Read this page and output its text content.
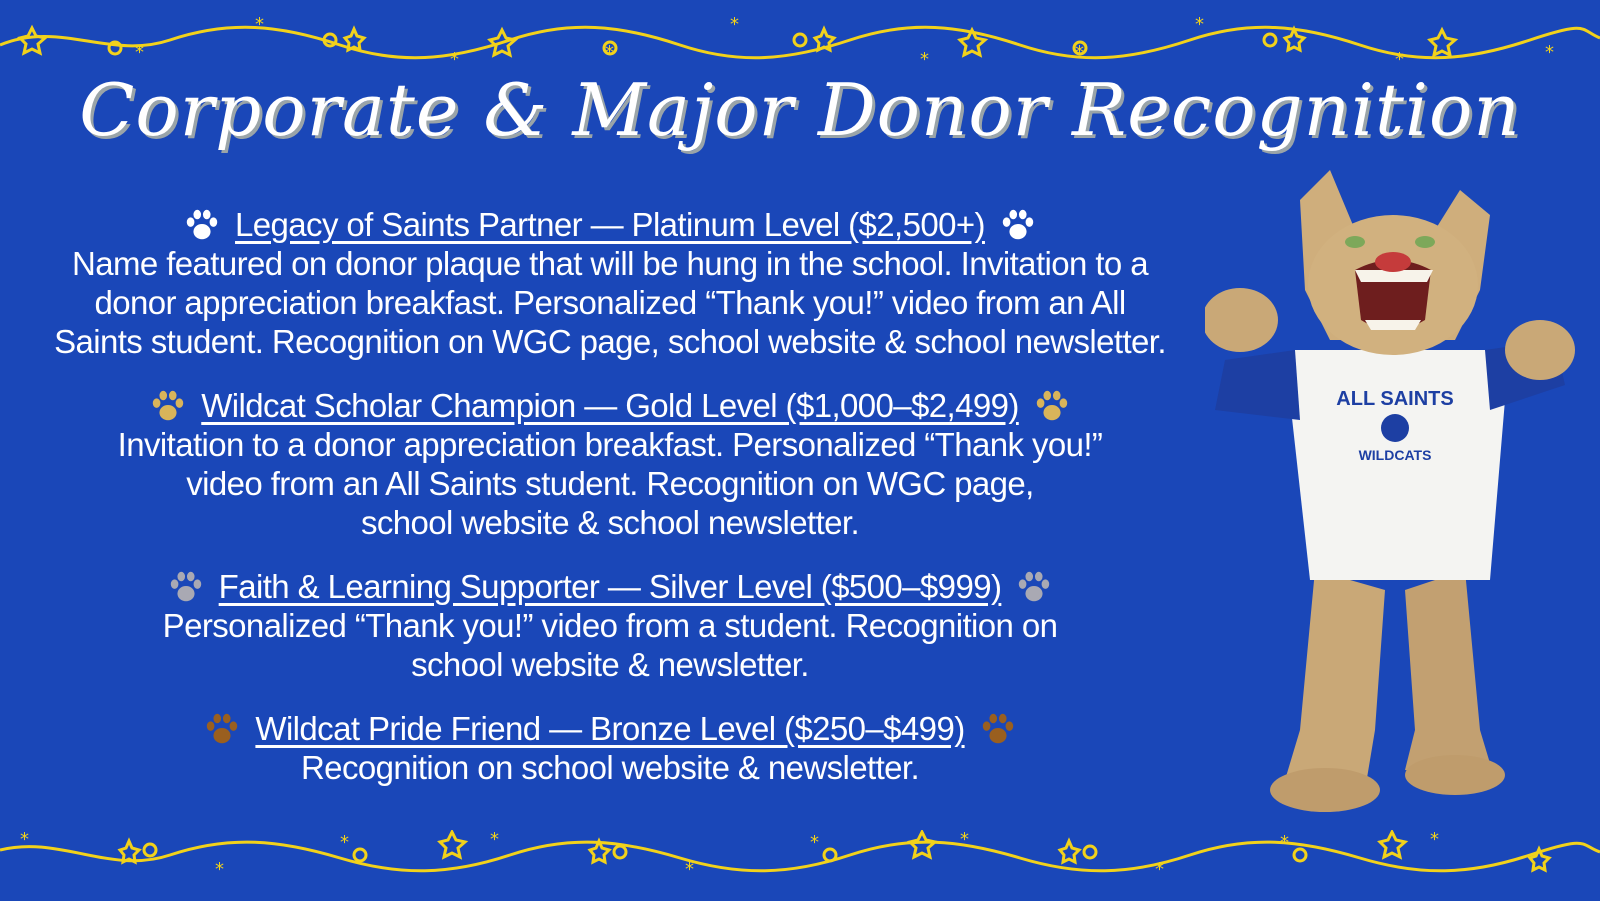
*
*	*	*
*
*	*
*
*	*
Corporate & Major Donor Recognition
Legacy of Saints Partner — Platinum Level ($2,500+)
Name featured on donor plaque that will be hung in the school. Invitation to a
donor appreciation breakfast. Personalized “Thank you!” video from an All
Saints student. Recognition on WGC page, school website & school newsletter.
Wildcat Scholar Champion — Gold Level ($1,000–$2,499)
Invitation to a donor appreciation breakfast. Personalized “Thank you!”
video from an All Saints student. Recognition on WGC page,
school website & school newsletter.
Faith & Learning Supporter — Silver Level ($500–$999)
Personalized “Thank you!” video from a student. Recognition on
school website & newsletter.
Wildcat Pride Friend — Bronze Level ($250–$499)
Recognition on school website & newsletter.
ALL SAINTS
WILDCATS
*
*
*	*
*
*	*
*
*	*
